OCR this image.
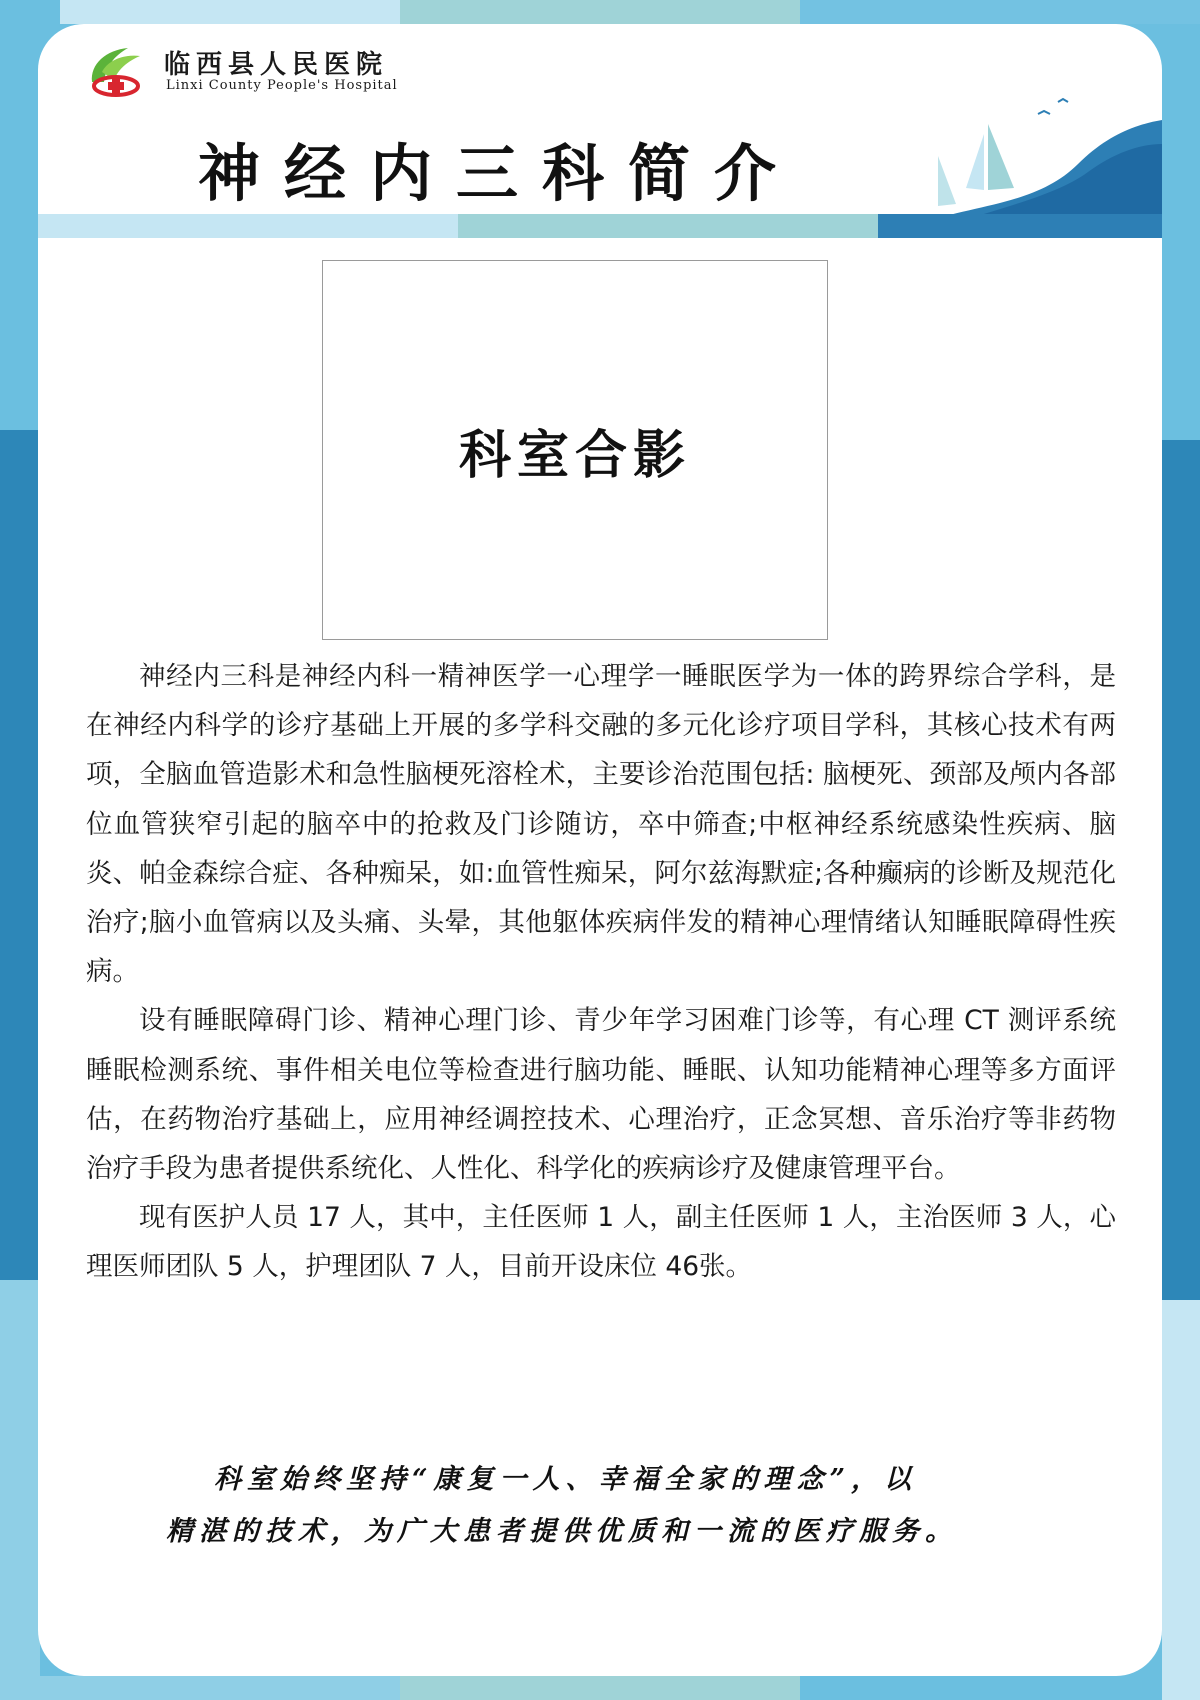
临西县人民医院
Linxi County People's Hospital
神经内三科简介
科室合影

神经内三科是神经内科一精神医学一心理学一睡眠医学为一体的跨界综合学科，是在神经内科学的诊疗基础上开展的多学科交融的多元化诊疗项目学科，其核心技术有两项，全脑血管造影术和急性脑梗死溶栓术，主要诊治范围包括: 脑梗死、颈部及颅内各部位血管狭窄引起的脑卒中的抢救及门诊随访，卒中筛查;中枢神经系统感染性疾病、脑炎、帕金森综合症、各种痴呆，如:血管性痴呆，阿尔兹海默症;各种癫病的诊断及规范化治疗;脑小血管病以及头痛、头晕，其他躯体疾病伴发的精神心理情绪认知睡眠障碍性疾病。

设有睡眠障碍门诊、精神心理门诊、青少年学习困难门诊等，有心理 CT 测评系统睡眠检测系统、事件相关电位等检查进行脑功能、睡眠、认知功能精神心理等多方面评估，在药物治疗基础上，应用神经调控技术、心理治疗，正念冥想、音乐治疗等非药物治疗手段为患者提供系统化、人性化、科学化的疾病诊疗及健康管理平台。

现有医护人员 17 人，其中，主任医师 1 人，副主任医师 1 人，主治医师 3 人，心理医师团队 5 人，护理团队 7 人，目前开设床位 46张。

科室始终坚持“康复一人、幸福全家的理念”，以
精湛的技术，为广大患者提供优质和一流的医疗服务。
